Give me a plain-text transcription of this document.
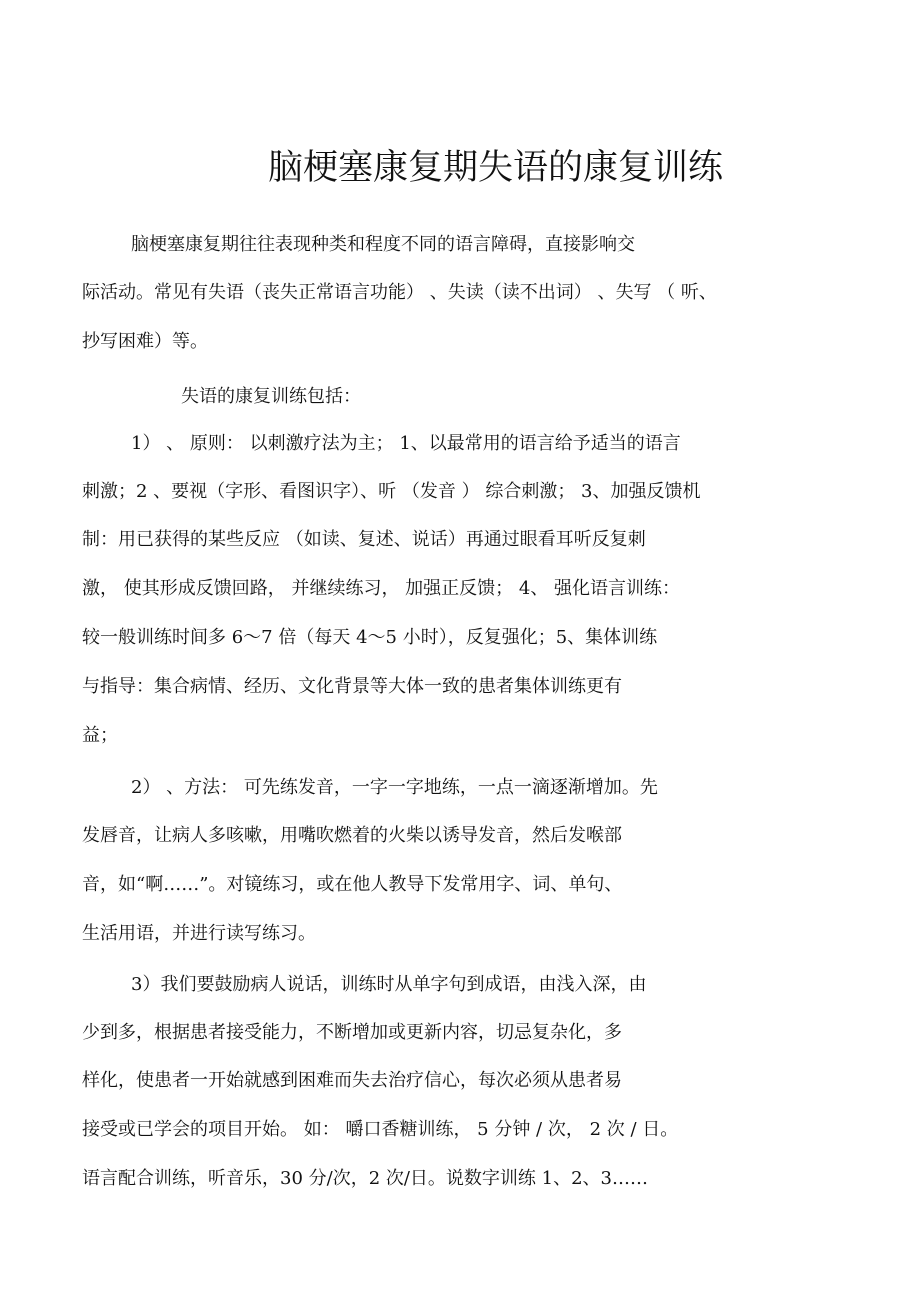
脑梗塞康复期失语的康复训练
脑梗塞康复期往往表现种类和程度不同的语言障碍，直接影响交
际活动。常见有失语（丧失正常语言功能） 、失读（读不出词） 、失写 （ 听、
抄写困难）等。
失语的康复训练包括：
1） 、 原则： 以刺激疗法为主； 1、以最常用的语言给予适当的语言
刺激；2 、要视（字形、看图识字）、听 （发音 ） 综合刺激； 3、加强反馈机
制：用已获得的某些反应 （如读、复述、说话）再通过眼看耳听反复刺
激， 使其形成反馈回路， 并继续练习， 加强正反馈； 4、 强化语言训练：
较一般训练时间多 6～7 倍（每天 4～5 小时），反复强化；5、集体训练
与指导：集合病情、经历、文化背景等大体一致的患者集体训练更有
益；
2） 、方法： 可先练发音，一字一字地练，一点一滴逐渐增加。先
发唇音，让病人多咳嗽，用嘴吹燃着的火柴以诱导发音，然后发喉部
音，如“啊……”。对镜练习，或在他人教导下发常用字、词、单句、
生活用语，并进行读写练习。
3）我们要鼓励病人说话，训练时从单字句到成语，由浅入深，由
少到多，根据患者接受能力，不断增加或更新内容，切忌复杂化，多
样化，使患者一开始就感到困难而失去治疗信心，每次必须从患者易
接受或已学会的项目开始。 如： 嚼口香糖训练， 5 分钟 / 次， 2 次 / 日。
语言配合训练，听音乐，30 分/次，2 次/日。说数字训练 1、2、3……
